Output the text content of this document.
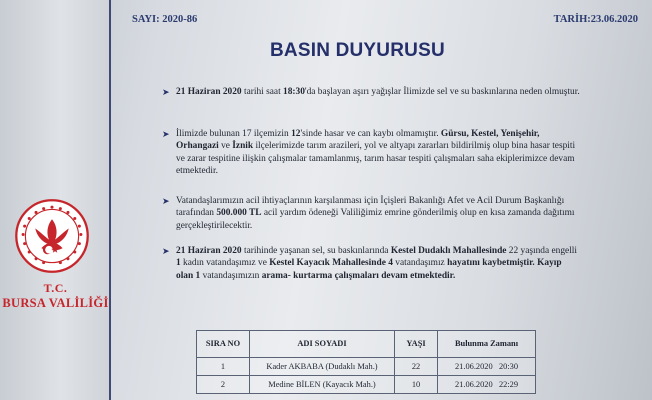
T.C.
BURSA VALİLİĞİ
SAYI: 2020-86	TARİH:23.06.2020
BASIN DUYURUSU
➤ 21 Haziran 2020 tarihi saat 18:30'da başlayan aşırı yağışlar İlimizde sel ve su baskınlarına neden olmuştur.
➤ İlimizde bulunan 17 ilçemizin 12'sinde hasar ve can kaybı olmamıştır. Gürsu, Kestel, Yenişehir, Orhangazi ve İznik ilçelerimizde tarım arazileri, yol ve altyapı zararları bildirilmiş olup bina hasar tespiti ve zarar tespitine ilişkin çalışmalar tamamlanmış, tarım hasar tespiti çalışmaları saha ekiplerimizce devam etmektedir.
➤ Vatandaşlarımızın acil ihtiyaçlarının karşılanması için İçişleri Bakanlığı Afet ve Acil Durum Başkanlığı tarafından 500.000 TL acil yardım ödeneği Valiliğimiz emrine gönderilmiş olup en kısa zamanda dağıtımı gerçekleştirilecektir.
➤ 21 Haziran 2020 tarihinde yaşanan sel, su baskınlarında Kestel Dudaklı Mahallesinde 22 yaşında engelli 1 kadın vatandaşımız ve Kestel Kayacık Mahallesinde 4 vatandaşımız hayatını kaybetmiştir. Kayıp olan 1 vatandaşımızın arama- kurtarma çalışmaları devam etmektedir.
SIRA NO	ADI SOYADI	YAŞI	Bulunma Zamanı
1	Kader AKBABA (Dudaklı Mah.)	22	21.06.2020 20:30
2	Medine BİLEN (Kayacık Mah.)	10	21.06.2020 22:29
